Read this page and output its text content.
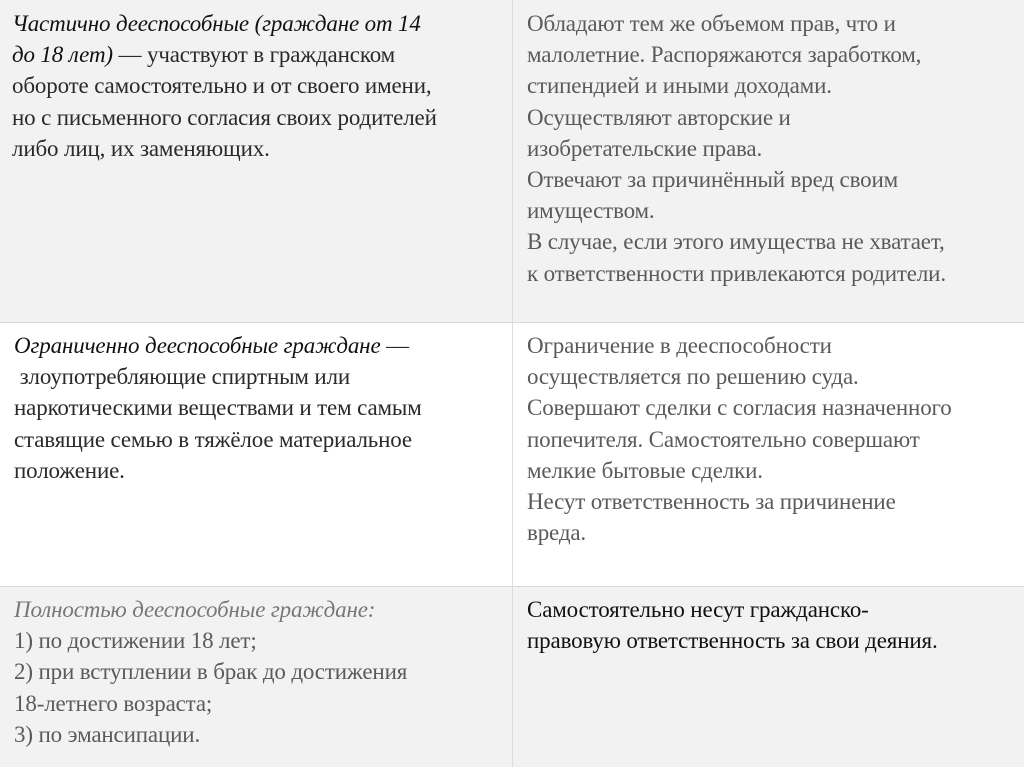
Частично дееспособные (граждане от 14
до 18 лет) — участвуют в гражданском
обороте самостоятельно и от своего имени,
но с письменного согласия своих родителей
либо лиц, их заменяющих.
Обладают тем же объемом прав, что и
малолетние. Распоряжаются заработком,
стипендией и иными доходами.
Осуществляют авторские и
изобретательские права.
Отвечают за причинённый вред своим
имуществом.
В случае, если этого имущества не хватает,
к ответственности привлекаются родители.
Ограниченно дееспособные граждане —
злоупотребляющие спиртным или
наркотическими веществами и тем самым
ставящие семью в тяжёлое материальное
положение.
Ограничение в дееспособности
осуществляется по решению суда.
Совершают сделки с согласия назначенного
попечителя. Самостоятельно совершают
мелкие бытовые сделки.
Несут ответственность за причинение
вреда.
Полностью дееспособные граждане:
1) по достижении 18 лет;
2) при вступлении в брак до достижения
18-летнего возраста;
3) по эмансипации.
Самостоятельно несут гражданско-
правовую ответственность за свои деяния.
